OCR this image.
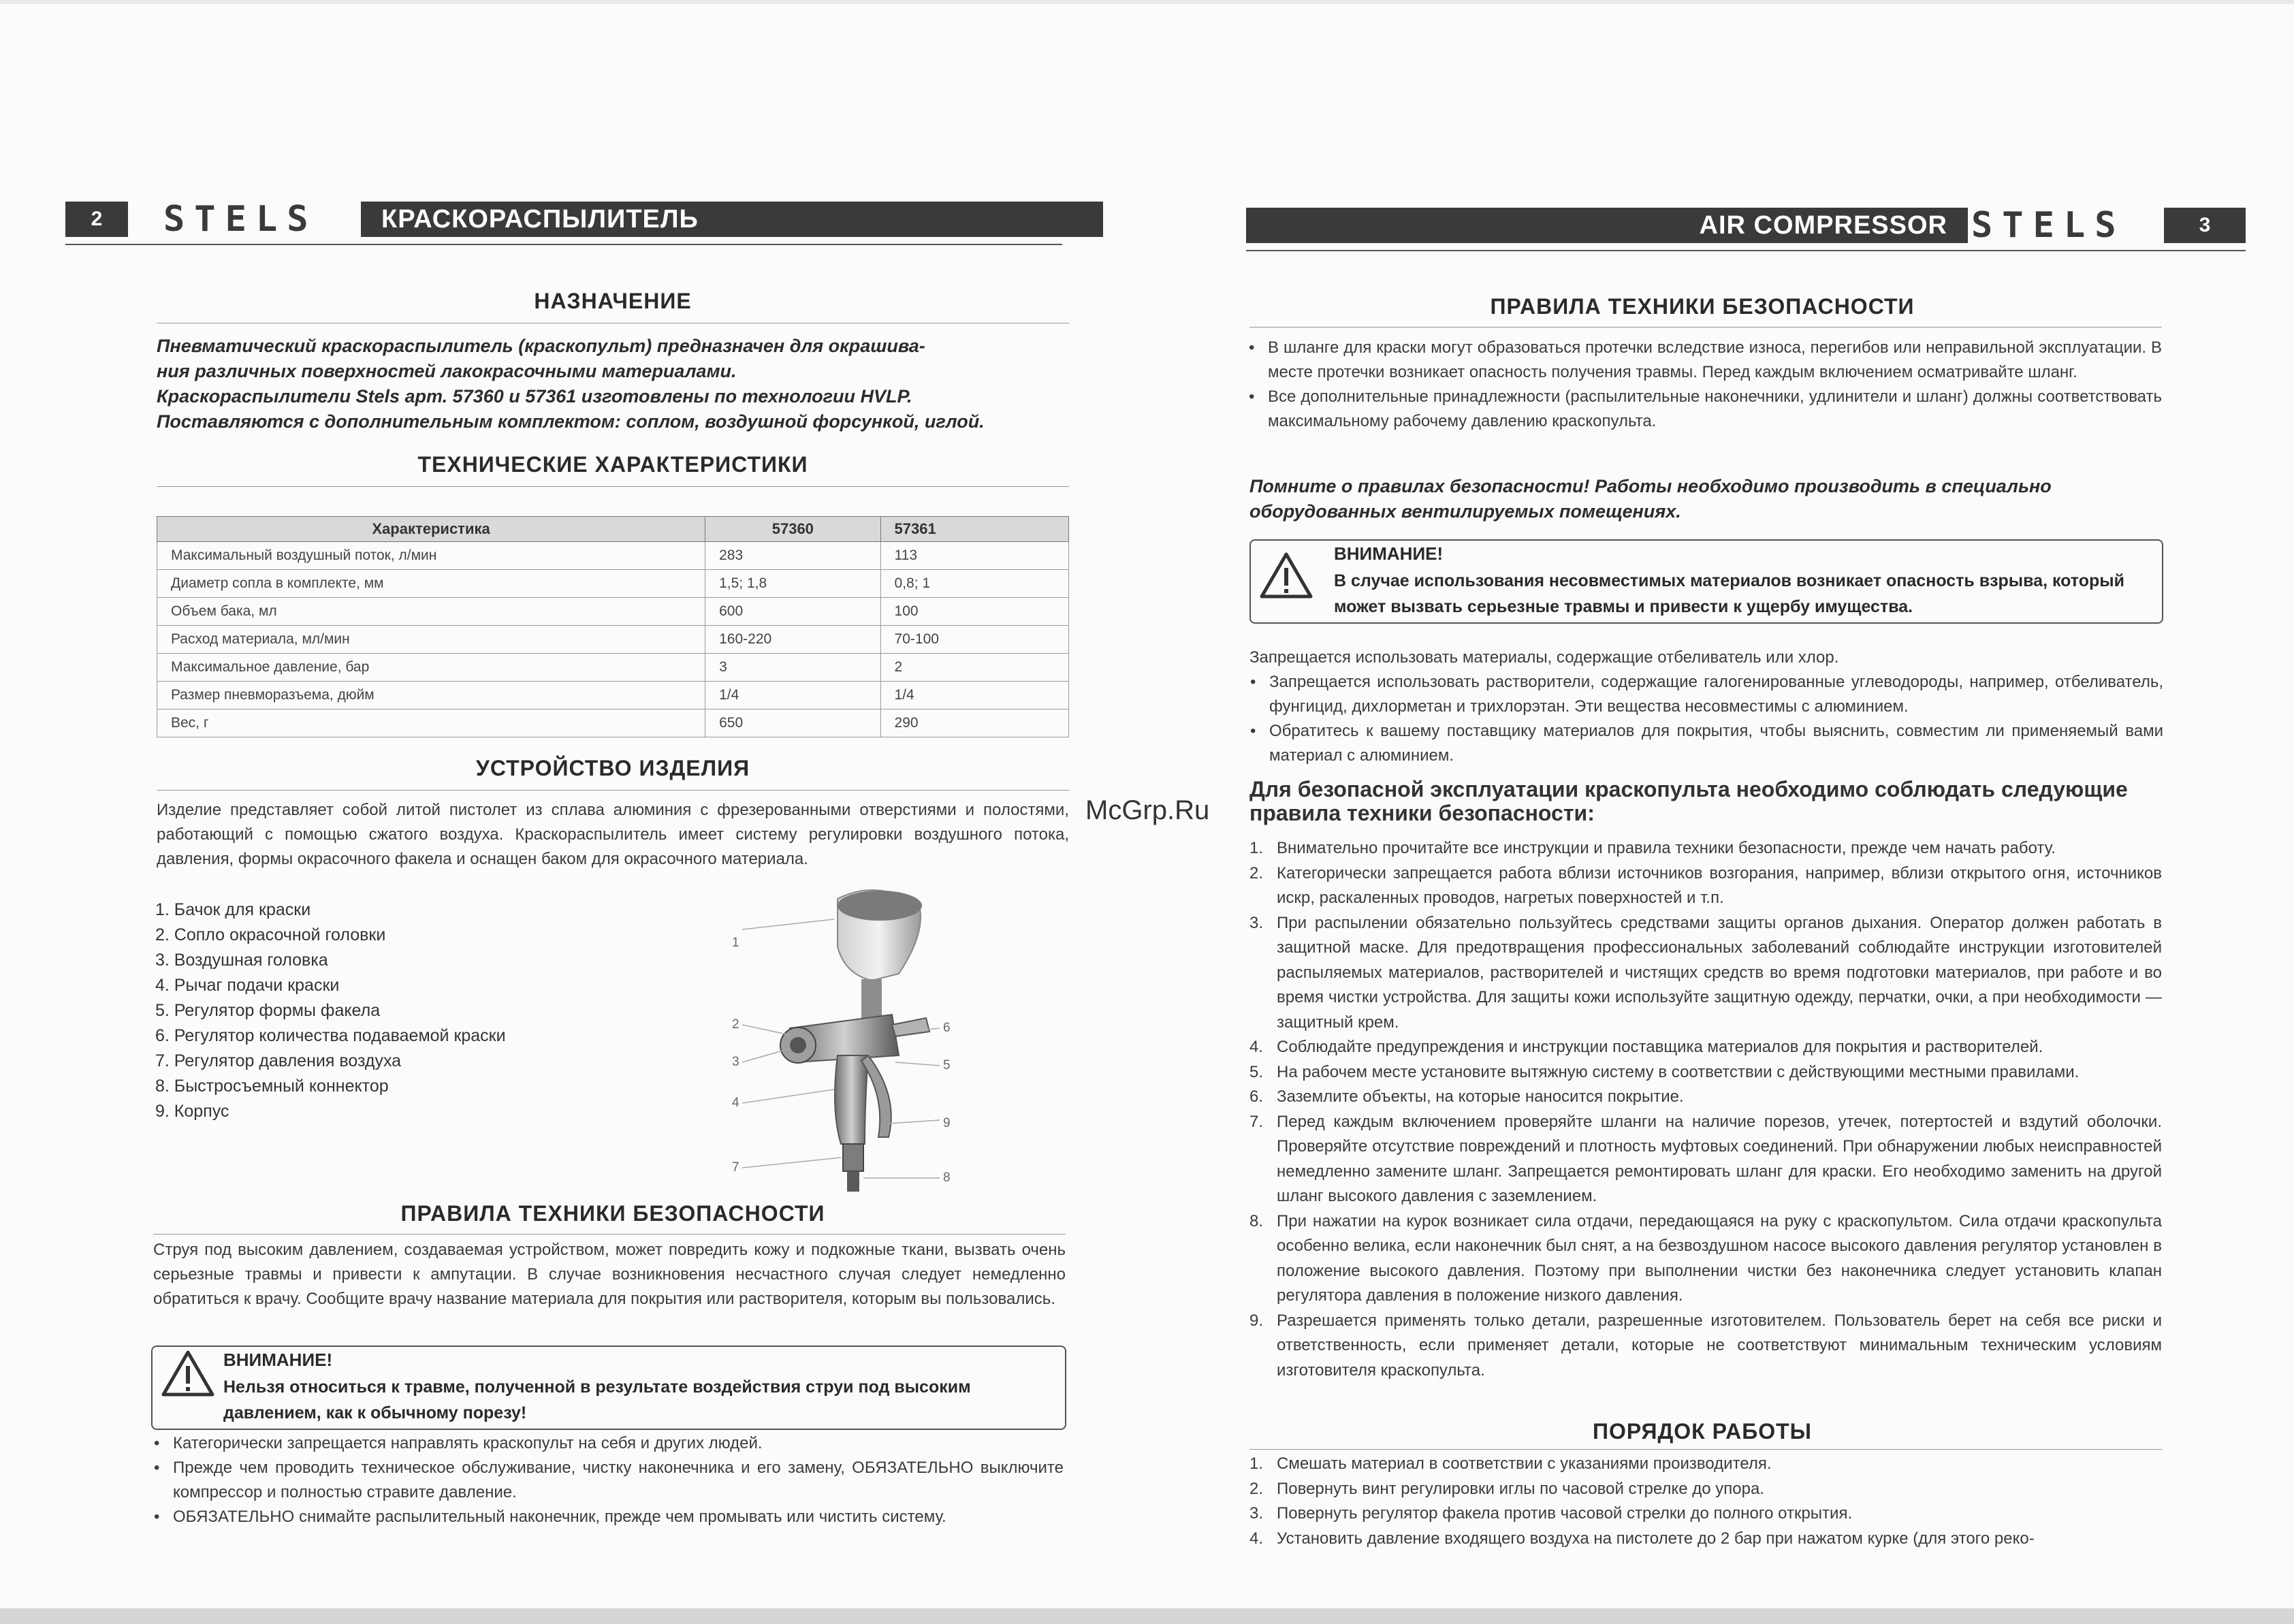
2	STELS	КРАСКОРАСПЫЛИТЕЛЬ	AIR COMPRESSOR STELS	3
НАЗНАЧЕНИЕ
Пневматический краскораспылитель (краскопульт) предназначен для окрашива-
ния различных поверхностей лакокрасочными материалами.
Краскораспылители Stels арт. 57360 и 57361 изготовлены по технологии HVLP.
Поставляются с дополнительным комплектом: соплом, воздушной форсункой, иглой.
ТЕХНИЧЕСКИЕ ХАРАКТЕРИСТИКИ
Характеристика	57360	57361
Максимальный воздушный поток, л/мин	283	113
Диаметр сопла в комплекте, мм	1,5; 1,8	0,8; 1
Объем бака, мл	600	100
Расход материала, мл/мин	160-220	70-100
Максимальное давление, бар	3	2
Размер пневморазъема, дюйм	1/4	1/4
Вес, г	650	290
УСТРОЙСТВО ИЗДЕЛИЯ
Изделие представляет собой литой пистолет из сплава алюминия с фрезерованными отверстиями и полостями, работающий с помощью сжатого воздуха. Краскораспылитель имеет систему регулировки воздушного потока, давления, формы окрасочного факела и оснащен баком для окрасочного материала.
1. Бачок для краски
2. Сопло окрасочной головки
3. Воздушная головка
4. Рычаг подачи краски
5. Регулятор формы факела
6. Регулятор количества подаваемой краски
7. Регулятор давления воздуха
8. Быстросъемный коннектор
9. Корпус
1
2
3
4
5
6
7
8
9
ПРАВИЛА ТЕХНИКИ БЕЗОПАСНОСТИ
Струя под высоким давлением, создаваемая устройством, может повредить кожу и подкожные ткани, вызвать очень серьезные травмы и привести к ампутации. В случае возникновения несчастного случая следует немедленно обратиться к врачу. Сообщите врачу название материала для покрытия или растворителя, которым вы пользовались.
ВНИМАНИЕ!
Нельзя относиться к травме, полученной в результате воздействия струи под высоким давлением, как к обычному порезу!
• Категорически запрещается направлять краскопульт на себя и других людей.
• Прежде чем проводить техническое обслуживание, чистку наконечника и его замену, ОБЯЗАТЕЛЬНО выключите компрессор и полностью стравите давление.
• ОБЯЗАТЕЛЬНО снимайте распылительный наконечник, прежде чем промывать или чистить систему.
McGrp.Ru
ПРАВИЛА ТЕХНИКИ БЕЗОПАСНОСТИ
• В шланге для краски могут образоваться протечки вследствие износа, перегибов или неправильной эксплуатации. В месте протечки возникает опасность получения травмы. Перед каждым включением осматривайте шланг.
• Все дополнительные принадлежности (распылительные наконечники, удлинители и шланг) должны соответствовать максимальному рабочему давлению краскопульта.
Помните о правилах безопасности! Работы необходимо производить в специально
оборудованных вентилируемых помещениях.
ВНИМАНИЕ!
В случае использования несовместимых материалов возникает опасность взрыва, который может вызвать серьезные травмы и привести к ущербу имущества.
Запрещается использовать материалы, содержащие отбеливатель или хлор.
• Запрещается использовать растворители, содержащие галогенированные углеводороды, например, отбеливатель, фунгицид, дихлорметан и трихлорэтан. Эти вещества несовместимы с алюминием.
• Обратитесь к вашему поставщику материалов для покрытия, чтобы выяснить, совместим ли применяемый вами материал с алюминием.
Для безопасной эксплуатации краскопульта необходимо соблюдать следующие
правила техники безопасности:
1. Внимательно прочитайте все инструкции и правила техники безопасности, прежде чем начать работу.
2. Категорически запрещается работа вблизи источников возгорания, например, вблизи открытого огня, источников искр, раскаленных проводов, нагретых поверхностей и т.п.
3. При распылении обязательно пользуйтесь средствами защиты органов дыхания. Оператор должен работать в защитной маске. Для предотвращения профессиональных заболеваний соблюдайте инструкции изготовителей распыляемых материалов, растворителей и чистящих средств во время подготовки материалов, при работе и во время чистки устройства. Для защиты кожи используйте защитную одежду, перчатки, очки, а при необходимости — защитный крем.
4. Соблюдайте предупреждения и инструкции поставщика материалов для покрытия и растворителей.
5. На рабочем месте установите вытяжную систему в соответствии с действующими местными правилами.
6. Заземлите объекты, на которые наносится покрытие.
7. Перед каждым включением проверяйте шланги на наличие порезов, утечек, потертостей и вздутий оболочки. Проверяйте отсутствие повреждений и плотность муфтовых соединений. При обнаружении любых неисправностей немедленно замените шланг. Запрещается ремонтировать шланг для краски. Его необходимо заменить на другой шланг высокого давления с заземлением.
8. При нажатии на курок возникает сила отдачи, передающаяся на руку с краскопультом. Сила отдачи краскопульта особенно велика, если наконечник был снят, а на безвоздушном насосе высокого давления регулятор установлен в положение высокого давления. Поэтому при выполнении чистки без наконечника следует установить клапан регулятора давления в положение низкого давления.
9. Разрешается применять только детали, разрешенные изготовителем. Пользователь берет на себя все риски и ответственность, если применяет детали, которые не соответствуют минимальным техническим условиям изготовителя краскопульта.
ПОРЯДОК РАБОТЫ
1. Смешать материал в соответствии с указаниями производителя.
2. Повернуть винт регулировки иглы по часовой стрелке до упора.
3. Повернуть регулятор факела против часовой стрелки до полного открытия.
4. Установить давление входящего воздуха на пистолете до 2 бар при нажатом курке (для этого реко-
